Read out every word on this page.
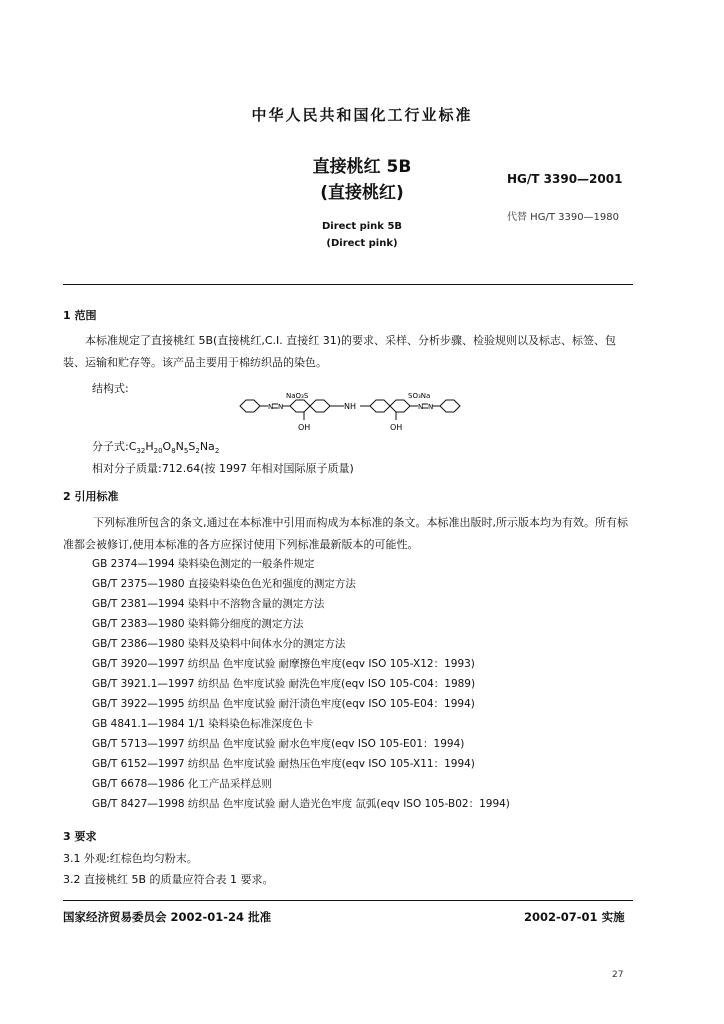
中华人民共和国化工行业标准
直接桃红 5B
(直接桃红)
Direct pink 5B
(Direct pink)
HG/T 3390—2001
代替 HG/T 3390—1980
1 范围
本标准规定了直接桃红 5B(直接桃红,C.I. 直接红 31)的要求、采样、分析步骤、检验规则以及标志、标签、包装、运输和贮存等。该产品主要用于棉纺织品的染色。
结构式:
N N	N N
NaO₃S
NH
SO₃Na
OH	OH
分子式$:C_{32}H_{20}O_8N_5S_2Na_2$
相对分子质量:712.64(按 1997 年相对国际原子质量)
2 引用标准
下列标准所包含的条文,通过在本标准中引用而构成为本标准的条文。本标准出版时,所示版本均为有效。所有标准都会被修订,使用本标准的各方应探讨使用下列标准最新版本的可能性。
GB 2374—1994 染料染色测定的一般条件规定
GB/T 2375—1980 直接染料染色色光和强度的测定方法
GB/T 2381—1994 染料中不溶物含量的测定方法
GB/T 2383—1980 染料筛分细度的测定方法
GB/T 2386—1980 染料及染料中间体水分的测定方法
GB/T 3920—1997 纺织品 色牢度试验 耐摩擦色牢度(eqv ISO 105-X12：1993)
GB/T 3921.1—1997 纺织品 色牢度试验 耐洗色牢度(eqv ISO 105-C04：1989)
GB/T 3922—1995 纺织品 色牢度试验 耐汗渍色牢度(eqv ISO 105-E04：1994)
GB 4841.1—1984 1/1 染料染色标准深度色卡
GB/T 5713—1997 纺织品 色牢度试验 耐水色牢度(eqv ISO 105-E01：1994)
GB/T 6152—1997 纺织品 色牢度试验 耐热压色牢度(eqv ISO 105-X11：1994)
GB/T 6678—1986 化工产品采样总则
GB/T 8427—1998 纺织品 色牢度试验 耐人造光色牢度 氙弧(eqv ISO 105-B02：1994)
3 要求
3.1 外观:红棕色均匀粉末。
3.2 直接桃红 5B 的质量应符合表 1 要求。
国家经济贸易委员会 2002-01-24 批准	2002-07-01 实施
27
